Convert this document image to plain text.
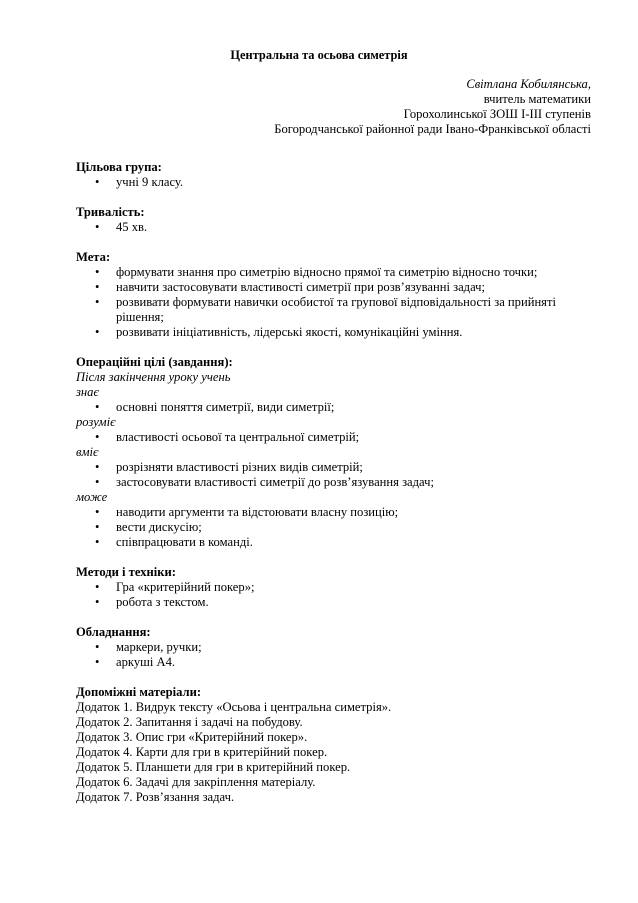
Центральна та осьова симетрія
Світлана Кобилянська,
вчитель математики
Горохолинської ЗОШ І-ІІІ ступенів
Богородчанської районної ради Івано-Франківської області
Цільова група:
• учні 9 класу.
Тривалість:
• 45 хв.
Мета:
• формувати знання про симетрію відносно прямої та симетрію відносно точки;
• навчити застосовувати властивості симетрії при розв’язуванні задач;
• розвивати формувати навички особистої та групової відповідальності за прийняті рішення;
• розвивати ініціативність, лідерські якості, комунікаційні уміння.
Операційні цілі (завдання):
Після закінчення уроку учень
знає
• основні поняття симетрії, види симетрії;
розуміє
• властивості осьової та центральної симетрій;
вміє
• розрізняти властивості різних видів симетрій;
• застосовувати властивості симетрії до розв’язування задач;
може
• наводити аргументи та відстоювати власну позицію;
• вести дискусію;
• співпрацювати в команді.
Методи і техніки:
• Гра «критерійний покер»;
• робота з текстом.
Обладнання:
• маркери, ручки;
• аркуші А4.
Допоміжні матеріали:
Додаток 1. Видрук тексту «Осьова і центральна симетрія».
Додаток 2. Запитання і задачі на побудову.
Додаток 3. Опис гри «Критерійний покер».
Додаток 4. Карти для гри в критерійний покер.
Додаток 5. Планшети для гри в критерійний покер.
Додаток 6. Задачі для закріплення матеріалу.
Додаток 7. Розв’язання задач.
